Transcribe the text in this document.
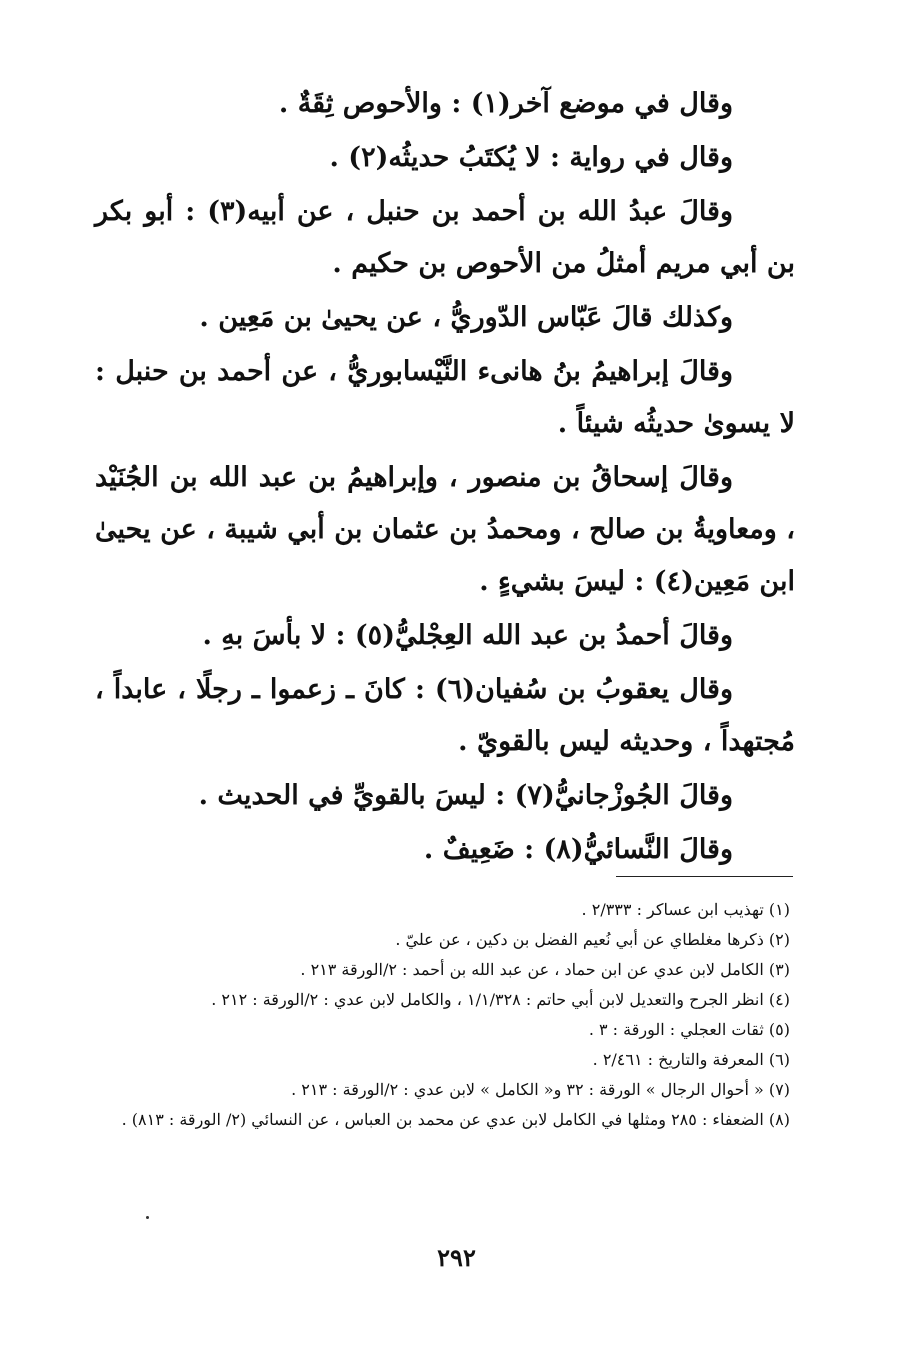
وقال في موضع آخر(١) : والأحوص ثِقَةٌ .

وقال في رواية : لا يُكتَبُ حديثُه(٢) .

وقالَ عبدُ الله بن أحمد بن حنبل ، عن أبيه(٣) : أبو بكر بن أبي مريم أمثلُ من الأحوص بن حكيم .

وكذلك قالَ عَبّاس الدّوريُّ ، عن يحيىٰ بن مَعِين .

وقالَ إبراهيمُ بنُ هانىء النَّيْسابوريُّ ، عن أحمد بن حنبل : لا يسوىٰ حديثُه شيئاً .

وقالَ إسحاقُ بن منصور ، وإبراهيمُ بن عبد الله بن الجُنَيْد ، ومعاويةُ بن صالح ، ومحمدُ بن عثمان بن أبي شيبة ، عن يحيىٰ ابن مَعِين(٤) : ليسَ بشيءٍ .

وقالَ أحمدُ بن عبد الله العِجْليُّ(٥) : لا بأسَ بهِ .

وقال يعقوبُ بن سُفيان(٦) : كانَ ـ زعموا ـ رجلًا ، عابداً ، مُجتهداً ، وحديثه ليس بالقويّ .

وقالَ الجُوزْجانيُّ(٧) : ليسَ بالقويِّ في الحديث .

وقالَ النَّسائيُّ(٨) : ضَعِيفٌ .

(١) تهذيب ابن عساكر : ٢/٣٣٣ .

(٢) ذكرها مغلطاي عن أبي نُعيم الفضل بن دكين ، عن عليّ .

(٣) الكامل لابن عدي عن ابن حماد ، عن عبد الله بن أحمد : ٢/الورقة ٢١٣ .

(٤) انظر الجرح والتعديل لابن أبي حاتم : ١/١/٣٢٨ ، والكامل لابن عدي : ٢/الورقة : ٢١٢ .

(٥) ثقات العجلي : الورقة : ٣ .

(٦) المعرفة والتاريخ : ٢/٤٦١ .

(٧) « أحوال الرجال » الورقة : ٣٢ و« الكامل » لابن عدي : ٢/الورقة : ٢١٣ .

(٨) الضعفاء : ٢٨٥ ومثلها في الكامل لابن عدي عن محمد بن العباس ، عن النسائي (٢/ الورقة : ٨١٣) .

٢٩٢
